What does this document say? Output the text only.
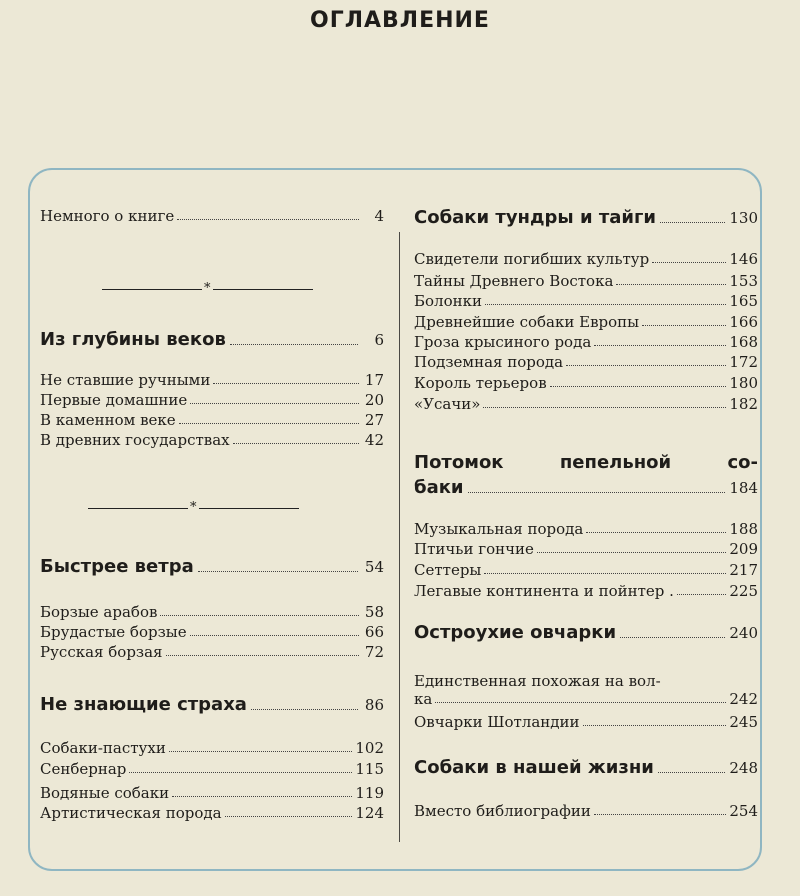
ОГЛАВЛЕНИЕ
Немного о книге	4
*
Из глубины веков	6
Не ставшие ручными	17
Первые домашние	20
В каменном веке	27
В древних государствах	42
*
Быстрее ветра	54
Борзые арабов	58
Брудастые борзые	66
Русская борзая	72
Не знающие страха	86
Собаки-пастухи	102
Сенбернар	115
Водяные собаки	119
Артистическая порода	124
Собаки тундры и тайги	130
Свидетели погибших культур	146
Тайны Древнего Востока	153
Болонки	165
Древнейшие собаки Европы	166
Гроза крысиного рода	168
Подземная порода	172
Король терьеров	180
«Усачи»	182
Потомок	пепельной	со-
баки	184
Музыкальная порода	188
Птичьи гончие	209
Сеттеры	217
Легавые континента и пойнтер .	225
Остроухие овчарки	240
Единственная похожая на вол-
ка	242
Овчарки Шотландии	245
Собаки в нашей жизни	248
Вместо библиографии	254
